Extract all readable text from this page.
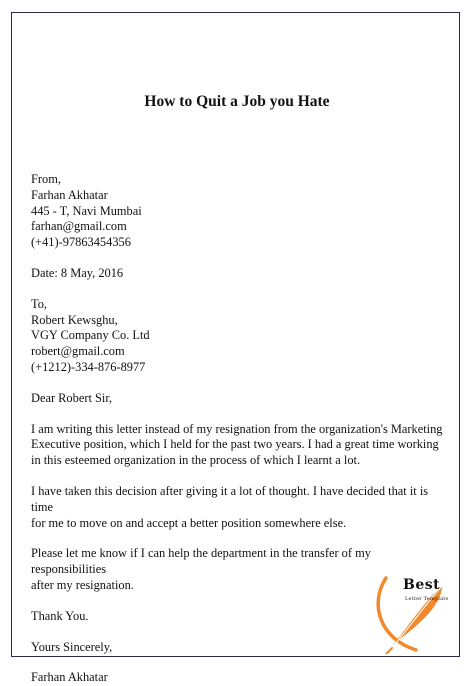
How to Quit a Job you Hate
From,
Farhan Akhatar
445 - T, Navi Mumbai
farhan@gmail.com
(+41)-97863454356
Date: 8 May, 2016
To,
Robert Kewsghu,
VGY Company Co. Ltd
robert@gmail.com
(+1212)-334-876-8977
Dear Robert Sir,
I am writing this letter instead of my resignation from the organization's Marketing
Executive position, which I held for the past two years. I had a great time working
in this esteemed organization in the process of which I learnt a lot.
I have taken this decision after giving it a lot of thought. I have decided that it is time
for me to move on and accept a better position somewhere else.
Please let me know if I can help the department in the transfer of my responsibilities
after my resignation.
Thank You.
Yours Sincerely,
Farhan Akhatar
Best
Letter Template
